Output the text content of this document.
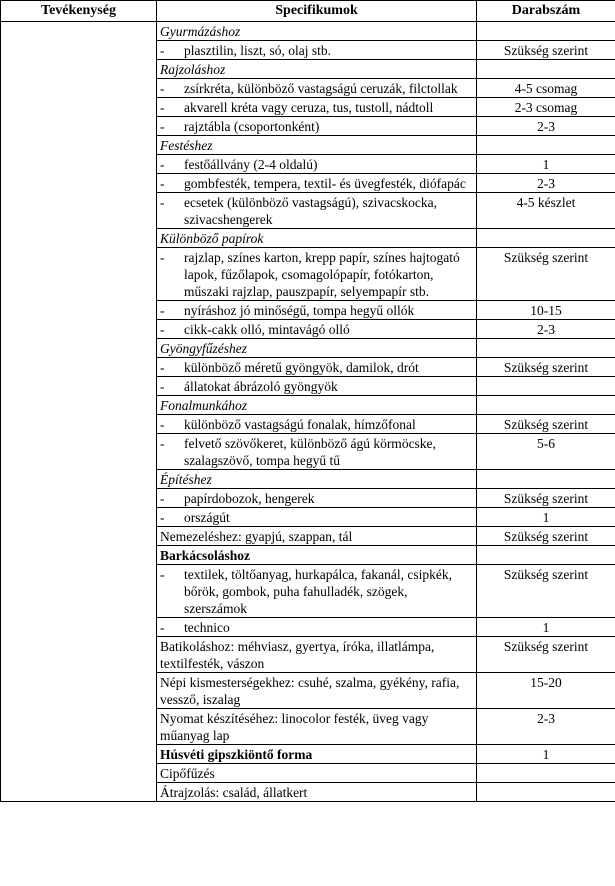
Tevékenység	Specifikumok	Darabszám
	Gyurmázáshoz	

	- plasztilin, liszt, só, olaj stb.	Szükség szerint
	Rajzoláshoz	

	- zsírkréta, különböző vastagságú ceruzák, filctollak	4-5 csomag

	- akvarell kréta vagy ceruza, tus, tustoll, nádtoll	2-3 csomag

	- rajztábla (csoportonként)	2-3
	Festéshez	

	- festőállvány (2-4 oldalú)	1

	- gombfesték, tempera, textil- és üvegfesték, diófapác	2-3

	- ecsetek (különböző vastagságú), szivacskocka, szivacshengerek	4-5 készlet
	Különböző papírok	

	- rajzlap, színes karton, krepp papír, színes hajtogató lapok, fűzőlapok, csomagolópapír, fotókarton, műszaki rajzlap, pauszpapír, selyempapír stb.	Szükség szerint

	- nyíráshoz jó minőségű, tompa hegyű ollók	10-15

	- cikk-cakk olló, mintavágó olló	2-3
	Gyöngyfűzéshez	

	- különböző méretű gyöngyök, damilok, drót	Szükség szerint

	- állatokat ábrázoló gyöngyök	

	Fonalmunkához	

	- különböző vastagságú fonalak, hímzőfonal	Szükség szerint

	- felvető szövőkeret, különböző ágú körmöcske, szalagszövő, tompa hegyű tű	5-6
	Építéshez	

	- papírdobozok, hengerek	Szükség szerint

	- országút	1
	Nemezeléshez: gyapjú, szappan, tál	Szükség szerint
	Barkácsoláshoz	

	- textilek, töltőanyag, hurkapálca, fakanál, csipkék, bőrök, gombok, puha fahulladék, szögek, szerszámok	Szükség szerint

	- technico	1
	Batikoláshoz: méhviasz, gyertya, íróka, illatlámpa, textilfesték, vászon	Szükség szerint
	Népi kismesterségekhez: csuhé, szalma, gyékény, rafia, vessző, iszalag	15-20
	Nyomat készítéséhez: linocolor festék, üveg vagy műanyag lap	2-3
	Húsvéti gipszkiöntő forma	1
	Cipőfűzés	
	Átrajzolás: család, állatkert	
